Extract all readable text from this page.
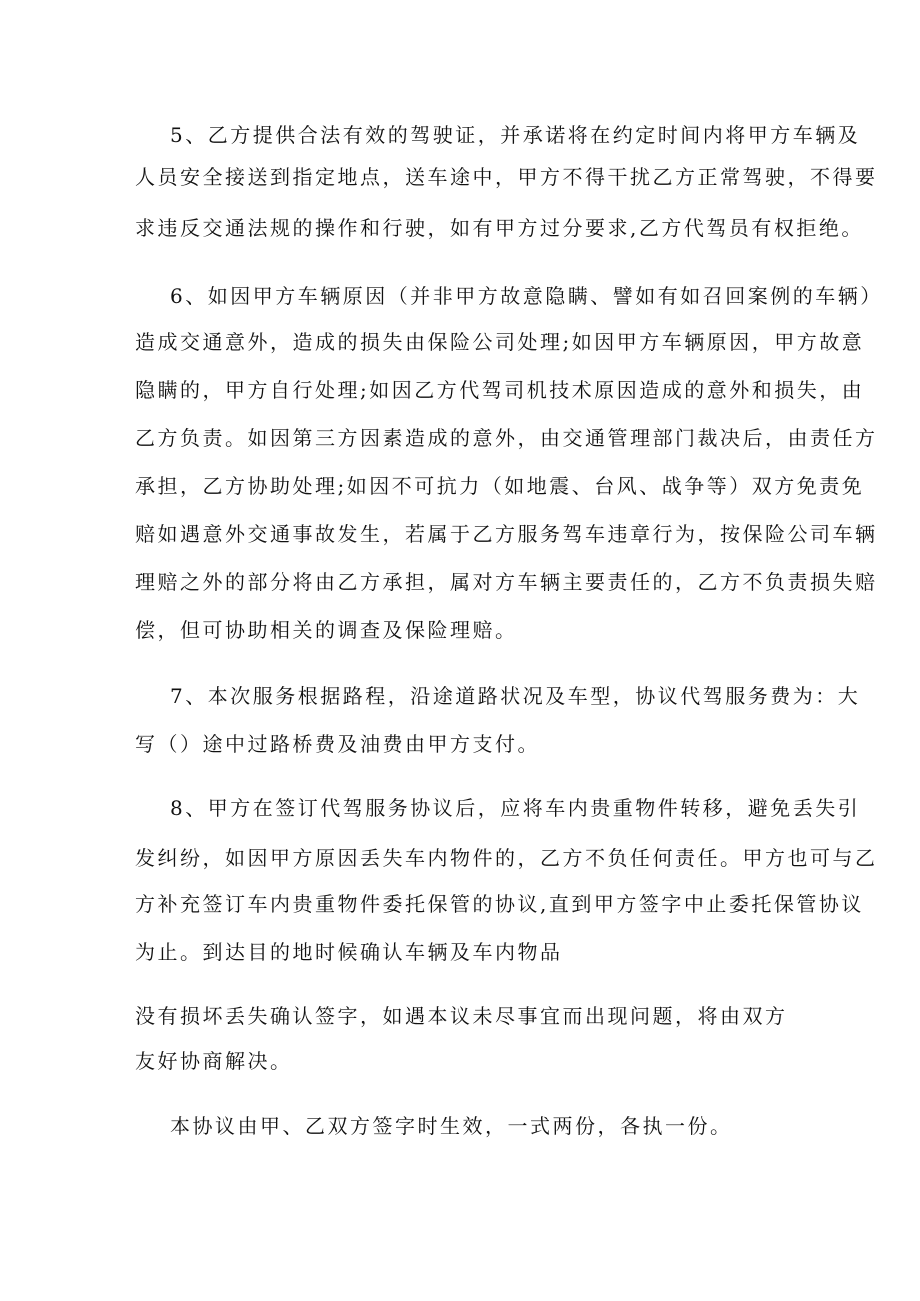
5、乙方提供合法有效的驾驶证，并承诺将在约定时间内将甲方车辆及
人员安全接送到指定地点，送车途中，甲方不得干扰乙方正常驾驶，不得要
求违反交通法规的操作和行驶，如有甲方过分要求,乙方代驾员有权拒绝。
6、如因甲方车辆原因（并非甲方故意隐瞒、譬如有如召回案例的车辆）
造成交通意外，造成的损失由保险公司处理;如因甲方车辆原因，甲方故意
隐瞒的，甲方自行处理;如因乙方代驾司机技术原因造成的意外和损失，由
乙方负责。如因第三方因素造成的意外，由交通管理部门裁决后，由责任方
承担，乙方协助处理;如因不可抗力（如地震、台风、战争等）双方免责免
赔如遇意外交通事故发生，若属于乙方服务驾车违章行为，按保险公司车辆
理赔之外的部分将由乙方承担，属对方车辆主要责任的，乙方不负责损失赔
偿，但可协助相关的调查及保险理赔。
7、本次服务根据路程，沿途道路状况及车型，协议代驾服务费为：大
写（）途中过路桥费及油费由甲方支付。
8、甲方在签订代驾服务协议后，应将车内贵重物件转移，避免丢失引
发纠纷，如因甲方原因丢失车内物件的，乙方不负任何责任。甲方也可与乙
方补充签订车内贵重物件委托保管的协议,直到甲方签字中止委托保管协议
为止。到达目的地时候确认车辆及车内物品
没有损坏丢失确认签字，如遇本议未尽事宜而出现问题，将由双方
友好协商解决。
本协议由甲、乙双方签字时生效，一式两份，各执一份。
